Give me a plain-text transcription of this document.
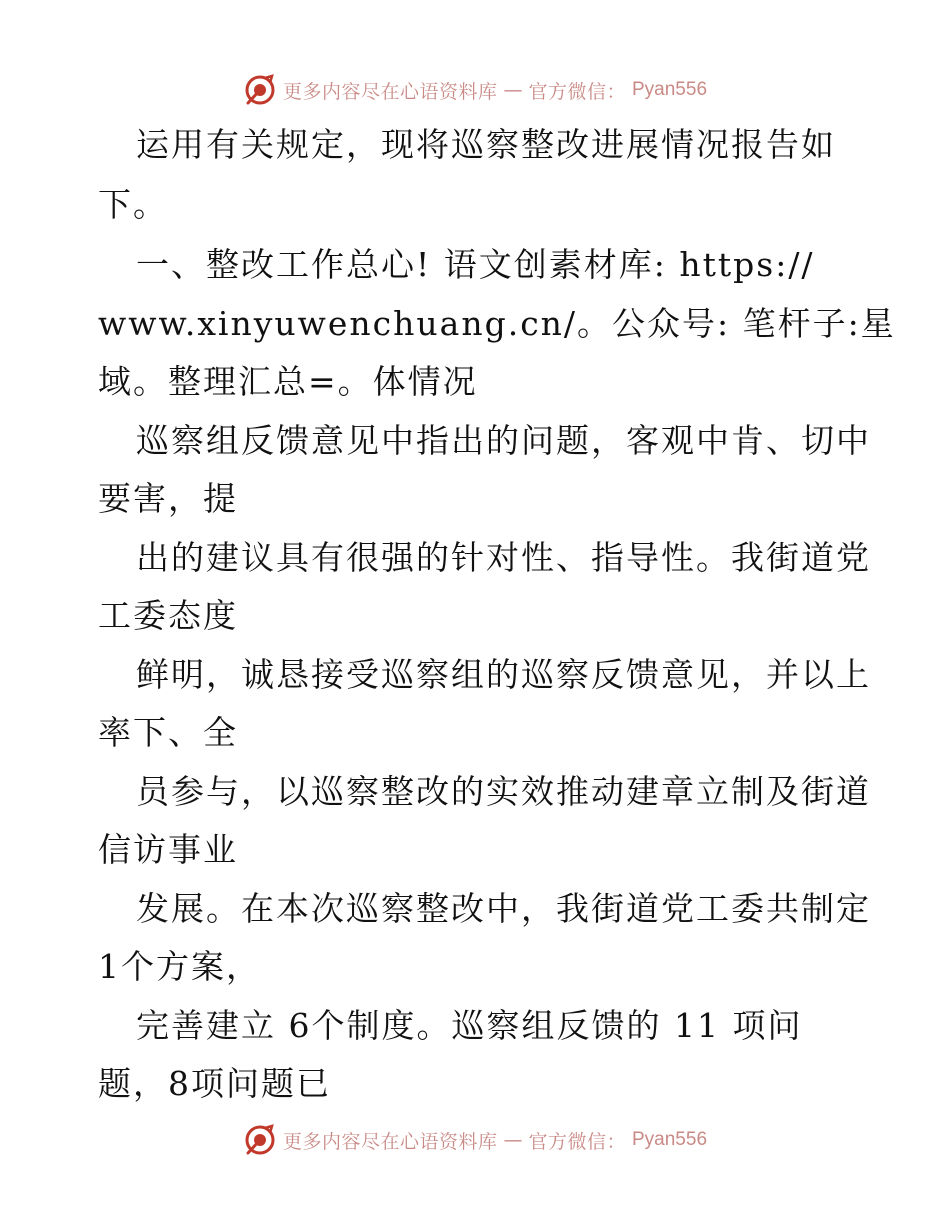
更多内容尽在心语资料库 — 官方微信： Pyan556
运用有关规定，现将巡察整改进展情况报告如
下。
一、整改工作总心! 语文创素材库: https://
www.xinyuwenchuang.cn/。公众号: 笔杆子:星
域。整理汇总=。体情况
巡察组反馈意见中指出的问题，客观中肯、切中
要害，提
出的建议具有很强的针对性、指导性。我街道党
工委态度
鲜明，诚恳接受巡察组的巡察反馈意见，并以上
率下、全
员参与，以巡察整改的实效推动建章立制及街道
信访事业
发展。在本次巡察整改中，我街道党工委共制定
1个方案，
完善建立 6个制度。巡察组反馈的 11 项问
题，8项问题已
更多内容尽在心语资料库 — 官方微信： Pyan556
